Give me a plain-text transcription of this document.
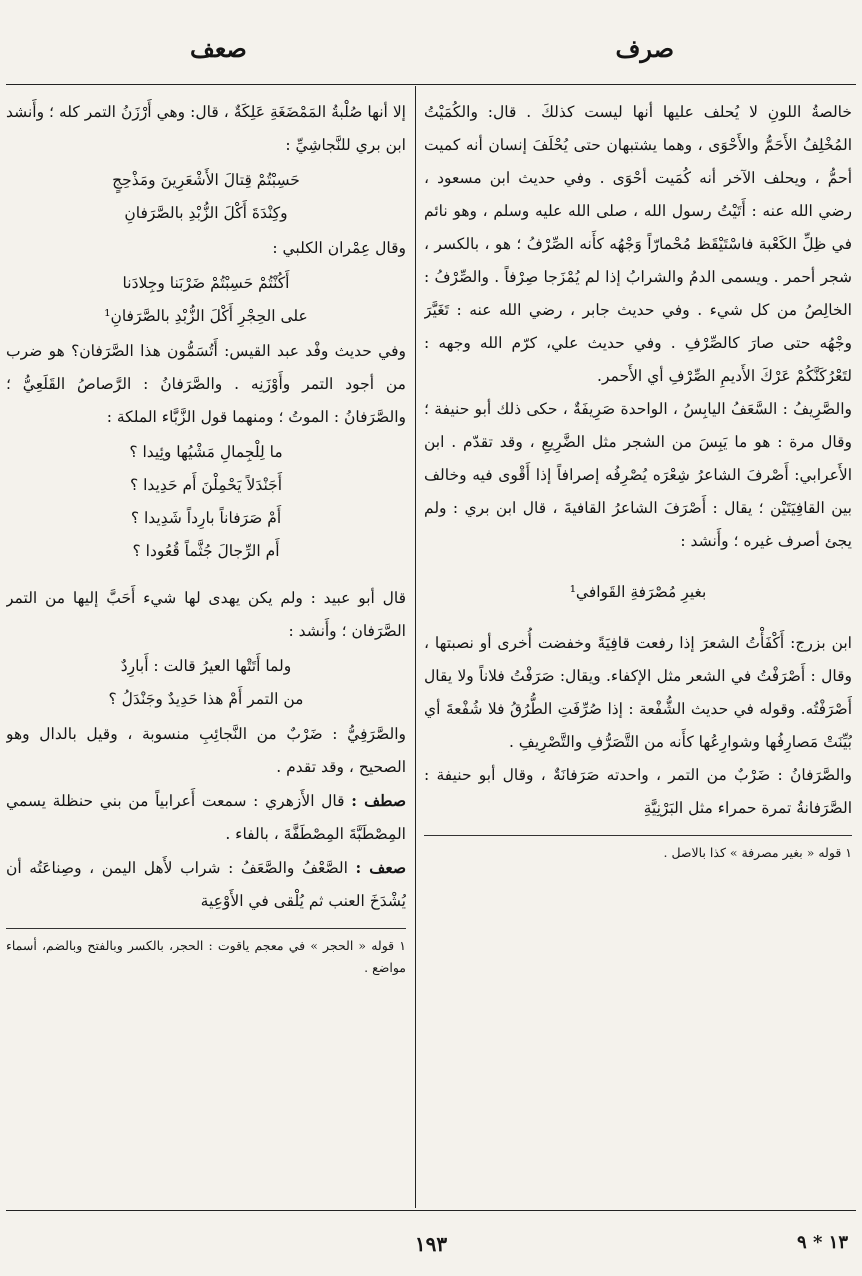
صرف
صعف

خالصةُ اللونِ لا يُحلف عليها أنها ليست كذلكَ . قال: والكُمَيْتُ المُخْلِفُ الأَحَمُّ والأَحْوَى ، وهما يشتبهان حتى يُحْلَفَ إنسان أنه كميت أحمُّ ، ويحلف الآخر أنه كُمَيت أحْوَى . وفي حديث ابن مسعود ، رضي الله عنه : أَتَيْتُ رسول الله ، صلى الله عليه وسلم ، وهو نائم في ظِلِّ الكَعْبة فاسْتَيْقَظ مُحْمارّاً وَجْهُه كأَنه الصِّرْفُ ؛ هو ، بالكسر ، شجر أحمر . ويسمى الدمُ والشرابُ إذا لم يُمْزَجا صِرْفاً . والصِّرْفُ : الخالِصُ من كل شيء . وفي حديث جابر ، رضي الله عنه : تَغَيَّرَ وجْهُه حتى صارَ كالصِّرْفِ . وفي حديث علي، كرّم الله وجهه : لتَعْرُكَنَّكُمْ عَرْكَ الأَديمِ الصِّرْفِ أي الأَحمر.

والصَّرِيفُ : السَّعَفُ اليابِسُ ، الواحدة صَرِيفَةٌ ، حكى ذلك أبو حنيفة ؛ وقال مرة : هو ما يَبِسَ من الشجر مثل الضَّرِيعِ ، وقد تقدّم . ابن الأَعرابي: أَصْرفَ الشاعرُ شِعْرَه يُصْرِفُه إصرافاً إذا أَقْوى فيه وخالف بين القافِيَتَيْن ؛ يقال : أَصْرَفَ الشاعرُ القافيةَ ، قال ابن بري : ولم يجئ أصرف غيره ؛ وأَنشد :

بغيرِ مُصْرَفةِ القَوافي¹

ابن بزرج: أَكْفَأْتُ الشعرَ إذا رفعت قافِيَةً وخفضت أُخرى أو نصبتها ، وقال : أَصْرَفْتُ في الشعر مثل الإكفاء. ويقال: صَرَفْتُ فلاناً ولا يقال أَصْرَفْتُه. وقوله في حديث الشُّفْعة : إذا صُرِّفَتِ الطُّرُقُ فلا شُفْعةَ أي بُيِّنَتْ مَصارِفُها وشوارِعُها كأَنه من التَّصَرُّفِ والتَّصْرِيفِ .

والصَّرَفانُ : ضَرْبٌ من التمر ، واحدته صَرَفانَةٌ ، وقال أبو حنيفة : الصَّرَفانةُ تمرة حمراء مثل البَرْنِيَّةِ

١ قوله « بغير مصرفة » كذا بالاصل .

إلا أنها صُلْبةُ المَمْضَغَةِ عَلِكَةٌ ، قال: وهي أَرْزَنُ التمر كله ؛ وأَنشد ابن بري للنَّجاشِيِّ :

حَسِبْتُمْ قِتالَ الأَشْعَرِينَ ومَذْحِجٍ
وكِنْدَةَ أَكْلَ الزُّبْدِ بالصَّرَفانِ

وقال عِمْران الكلبي :

أَكُنْتُمْ حَسِبْتُمْ ضَرْبَنا وجِلادَنا
على الحِجْرِ أَكْلَ الزُّبْدِ بالصَّرَفانِ¹

وفي حديث وفْد عبد القيس: أَتُسَمُّون هذا الصَّرَفان؟ هو ضرب من أجود التمر وأَوْزَنِه . والصَّرَفانُ : الرَّصاصُ القَلَعِيُّ ؛ والصَّرَفانُ : الموتُ ؛ ومنهما قول الزَّبَّاء الملكة :

ما لِلْجِمالِ مَشْيُها وئِيدا ؟
أَجَنْدَلاً يَحْمِلْنَ أَم حَدِيدا ؟
أَمْ صَرَفاناً بارِداً شَدِيدا ؟
أَم الرِّجالَ جُثَّماً قُعُودا ؟

قال أبو عبيد : ولم يكن يهدى لها شيء أَحَبَّ إليها من التمر الصَّرَفان ؛ وأَنشد :

ولما أَتَتْها العيرُ قالت : أَبارِدٌ
من التمر أَمْ هذا حَدِيدٌ وجَنْدَلُ ؟

والصَّرَفِيُّ : ضَرْبٌ من النَّجائِبِ منسوبة ، وقيل بالدال وهو الصحيح ، وقد تقدم .

صطف : قال الأَزهري : سمعت أَعرابياً من بني حنظلة يسمي المِصْطَبَّةَ المِصْطَفَّةَ ، بالفاء .

صعف : الصَّعْفُ والصَّعَفُ : شراب لأَهل اليمن ، وصِناعَتُه أن يُشْدَخَ العنب ثم يُلْقى في الأَوْعِية

١ قوله « الحجر » في معجم ياقوت : الحجر، بالكسر وبالفتح وبالضم، أسماء مواضع .

١٩٣	١٣ * ٩
